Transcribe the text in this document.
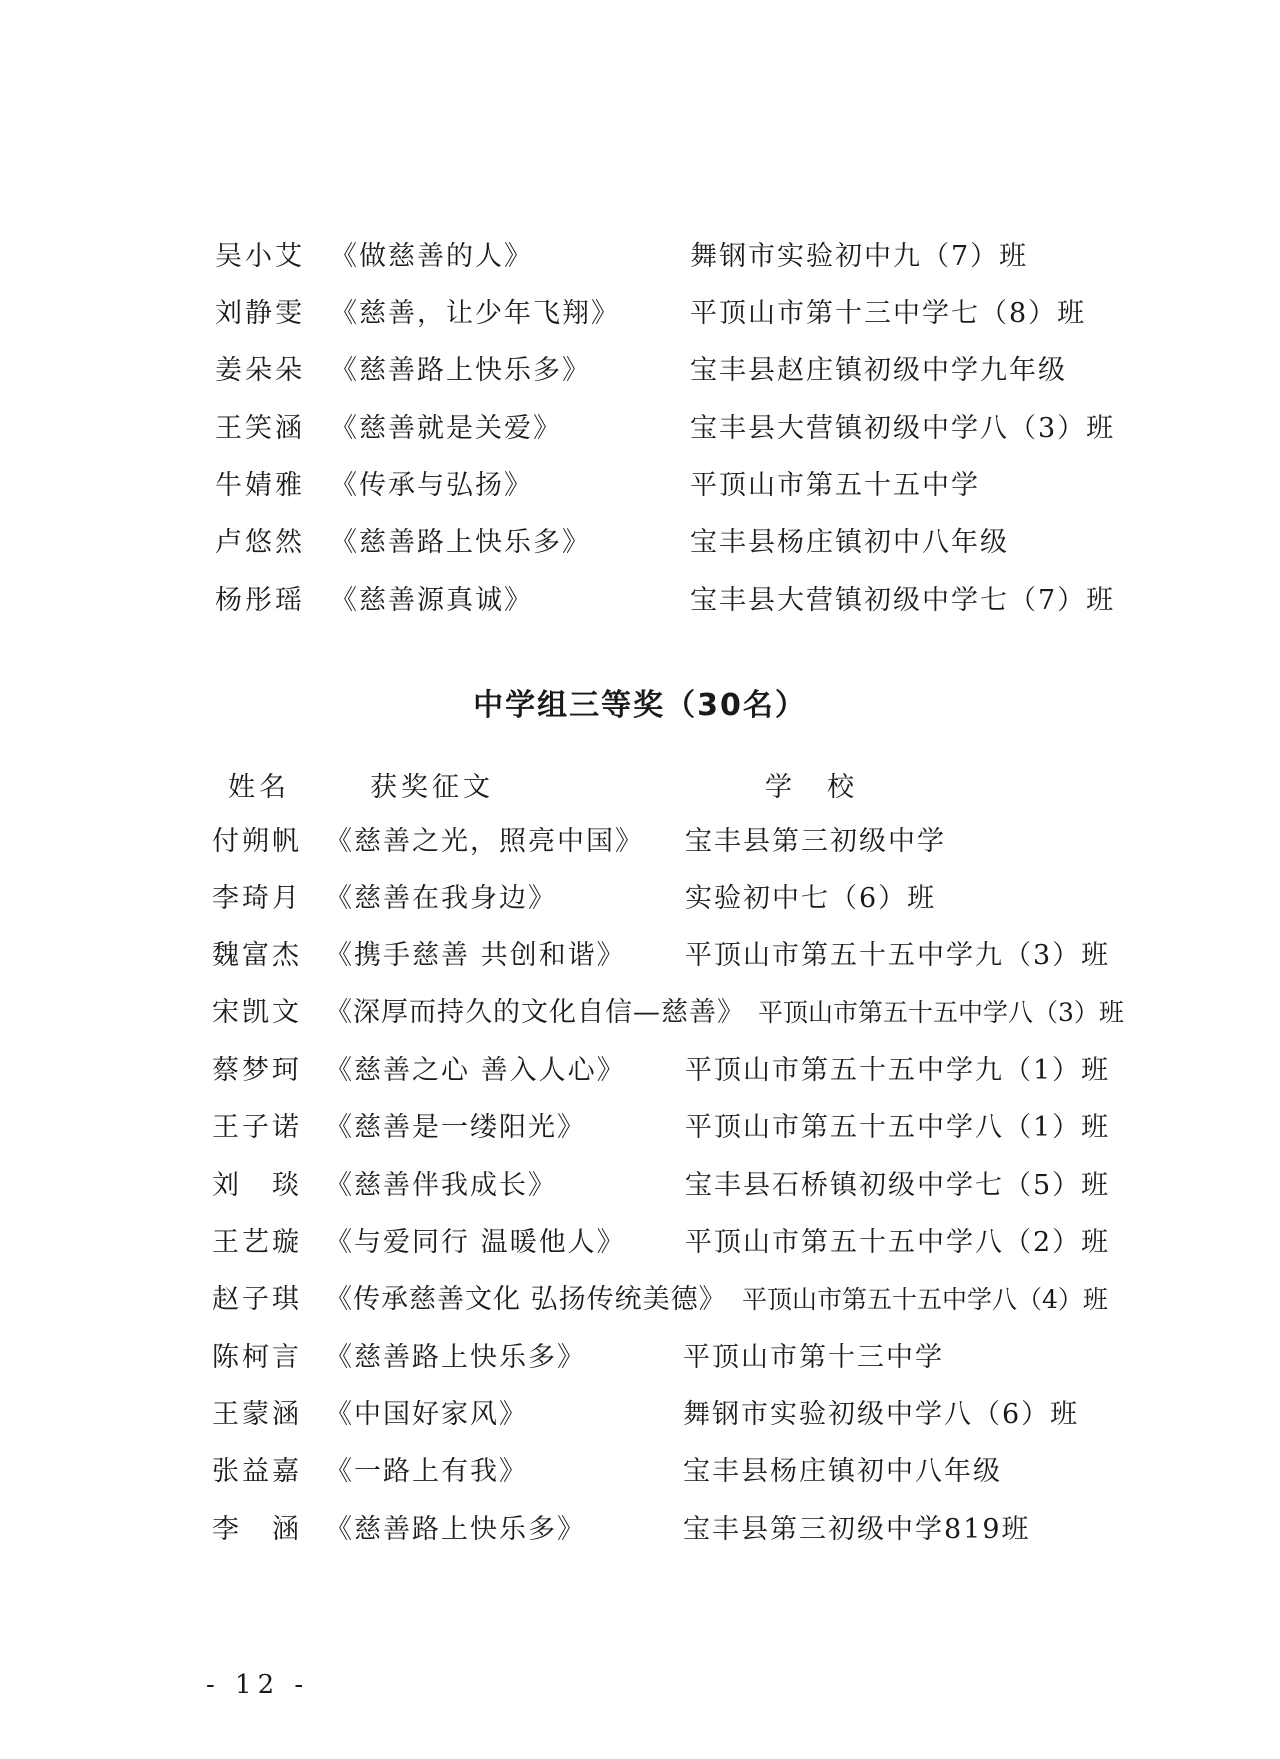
吴小艾 《做慈善的人》	舞钢市实验初中九（7）班
刘静雯 《慈善，让少年飞翔》	平顶山市第十三中学七（8）班
姜朵朵 《慈善路上快乐多》	宝丰县赵庄镇初级中学九年级
王笑涵 《慈善就是关爱》	宝丰县大营镇初级中学八（3）班
牛婧雅 《传承与弘扬》	平顶山市第五十五中学
卢悠然 《慈善路上快乐多》	宝丰县杨庄镇初中八年级
杨彤瑶 《慈善源真诚》	宝丰县大营镇初级中学七（7）班
中学组三等奖（30名）
姓名	获奖征文	学　校
付朔帆 《慈善之光，照亮中国》 宝丰县第三初级中学
李琦月 《慈善在我身边》	实验初中七（6）班
魏富杰 《携手慈善 共创和谐》 平顶山市第五十五中学九（3）班
宋凯文 《深厚而持久的文化自信—慈善》 平顶山市第五十五中学八（3）班
蔡梦珂 《慈善之心 善入人心》 平顶山市第五十五中学九（1）班
王子诺 《慈善是一缕阳光》	平顶山市第五十五中学八（1）班
刘　琰 《慈善伴我成长》	宝丰县石桥镇初级中学七（5）班
王艺璇 《与爱同行 温暖他人》 平顶山市第五十五中学八（2）班
赵子琪 《传承慈善文化 弘扬传统美德》 平顶山市第五十五中学八（4）班
陈柯言 《慈善路上快乐多》	平顶山市第十三中学
王蒙涵 《中国好家风》	舞钢市实验初级中学八（6）班
张益嘉 《一路上有我》	宝丰县杨庄镇初中八年级
李　涵 《慈善路上快乐多》	宝丰县第三初级中学819班
- 12 -
